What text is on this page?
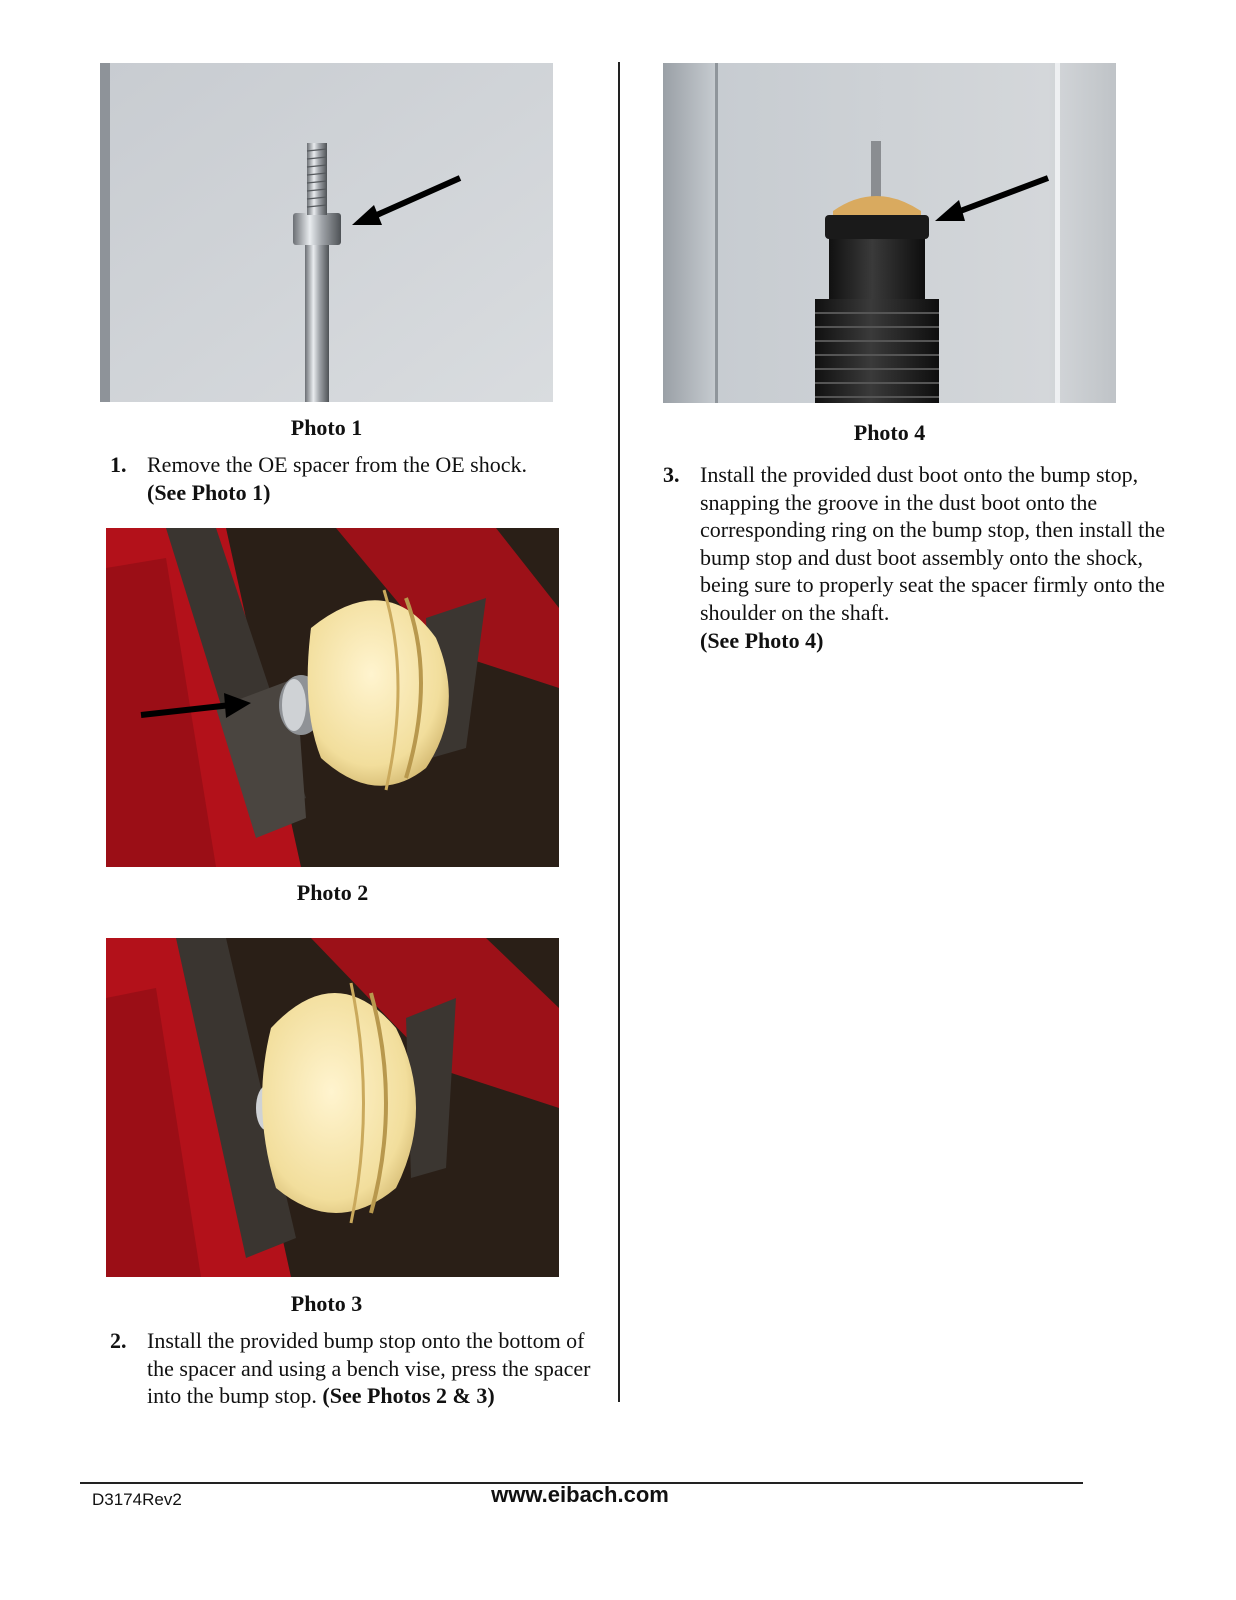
Photo 1
1. Remove the OE spacer from the OE shock.
(See Photo 1)
Photo 2
Photo 3
2. Install the provided bump stop onto the bottom of the spacer and using a bench vise, press the spacer into the bump stop. (See Photos 2 & 3)
Photo 4
3. Install the provided dust boot onto the bump stop, snapping the groove in the dust boot onto the corresponding ring on the bump stop, then install the bump stop and dust boot assembly onto the shock, being sure to properly seat the spacer firmly onto the shoulder on the shaft.
(See Photo 4)
D3174Rev2	www.eibach.com
